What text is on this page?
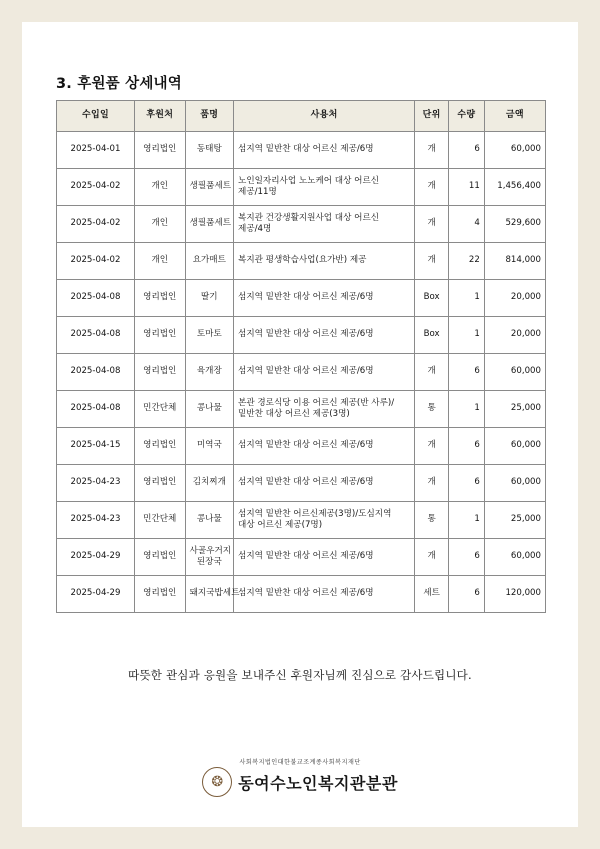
3. 후원품 상세내역
수입일	후원처	품명	사용처	단위	수량	금액
2025-04-01	영리법인	동태탕	섬지역 밑반찬 대상 어르신 제공/6명	개	6	60,000
2025-04-02	개인	생필품세트	노인일자리사업 노노케어 대상 어르신 제공/11명	개	11	1,456,400
2025-04-02	개인	생필품세트	복지관 건강생활지원사업 대상 어르신 제공/4명	개	4	529,600
2025-04-02	개인	요가매트	복지관 평생학습사업(요가반) 제공	개	22	814,000
2025-04-08	영리법인	딸기	섬지역 밑반찬 대상 어르신 제공/6명	Box	1	20,000
2025-04-08	영리법인	토마토	섬지역 밑반찬 대상 어르신 제공/6명	Box	1	20,000
2025-04-08	영리법인	육개장	섬지역 밑반찬 대상 어르신 제공/6명	개	6	60,000
2025-04-08	민간단체	콩나물	본관 경로식당 이용 어르신 제공(반 사루)/밑반찬 대상 어르신 제공(3명)	통	1	25,000
2025-04-15	영리법인	미역국	섬지역 밑반찬 대상 어르신 제공/6명	개	6	60,000
2025-04-23	영리법인	김치찌개	섬지역 밑반찬 대상 어르신 제공/6명	개	6	60,000
2025-04-23	민간단체	콩나물	섬지역 밑반찬 어르신제공(3명)/도심지역 대상 어르신 제공(7명)	통	1	25,000
2025-04-29	영리법인	사골우거지 된장국	섬지역 밑반찬 대상 어르신 제공/6명	개	6	60,000
2025-04-29	영리법인	돼지국밥세트	섬지역 밑반찬 대상 어르신 제공/6명	세트	6	120,000
따뜻한 관심과 응원을 보내주신 후원자님께 진심으로 감사드립니다.
사회복지법인대한불교조계종사회복지재단
❂ 동여수노인복지관분관
